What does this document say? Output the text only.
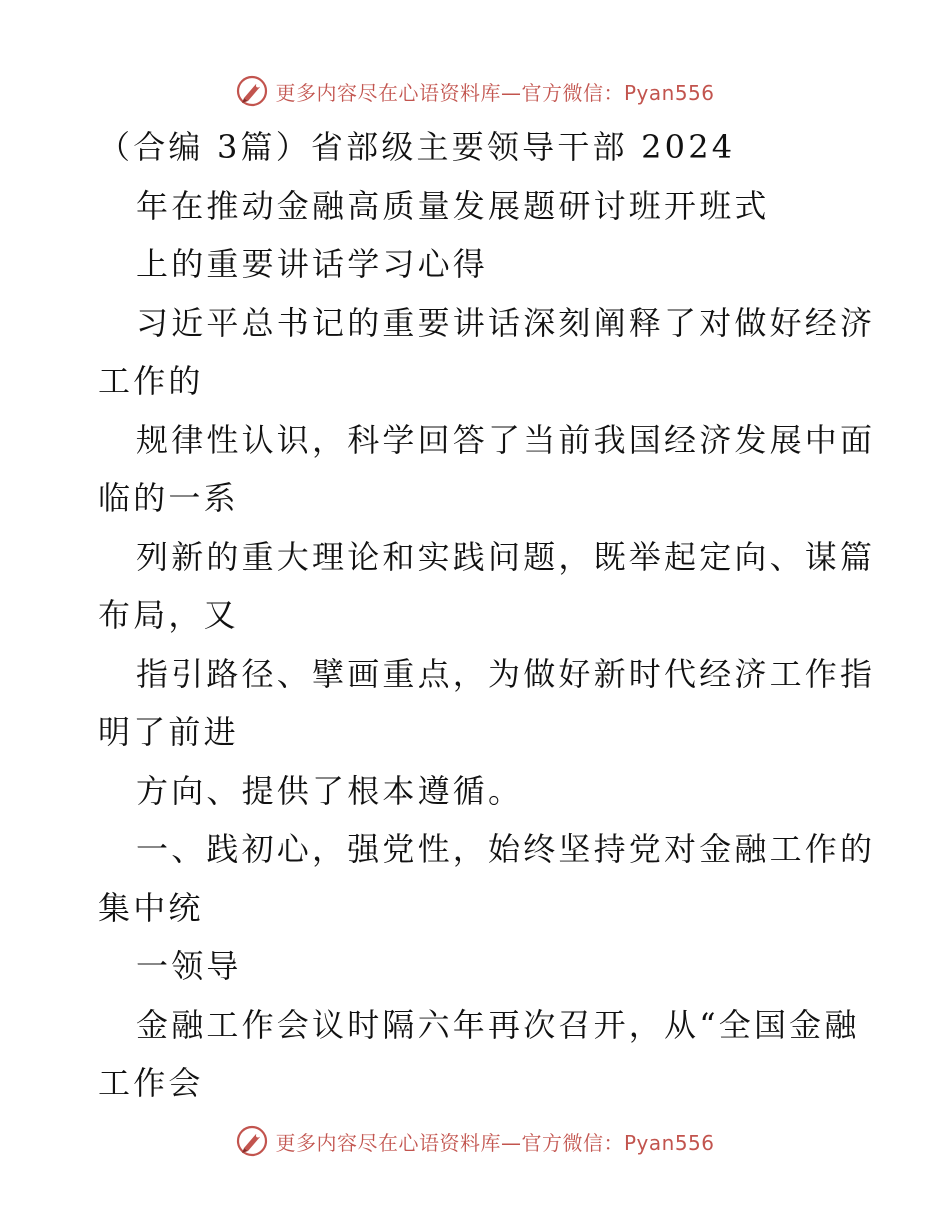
更多内容尽在心语资料库—官方微信：Pyan556
（合编 3篇）省部级主要领导干部 2024
年在推动金融高质量发展题研讨班开班式
上的重要讲话学习心得
习近平总书记的重要讲话深刻阐释了对做好经济
工作的
规律性认识，科学回答了当前我国经济发展中面
临的一系
列新的重大理论和实践问题，既举起定向、谋篇
布局，又
指引路径、擘画重点，为做好新时代经济工作指
明了前进
方向、提供了根本遵循。
一、践初心，强党性，始终坚持党对金融工作的
集中统
一领导
金融工作会议时隔六年再次召开，从“全国金融
工作会
更多内容尽在心语资料库—官方微信：Pyan556
